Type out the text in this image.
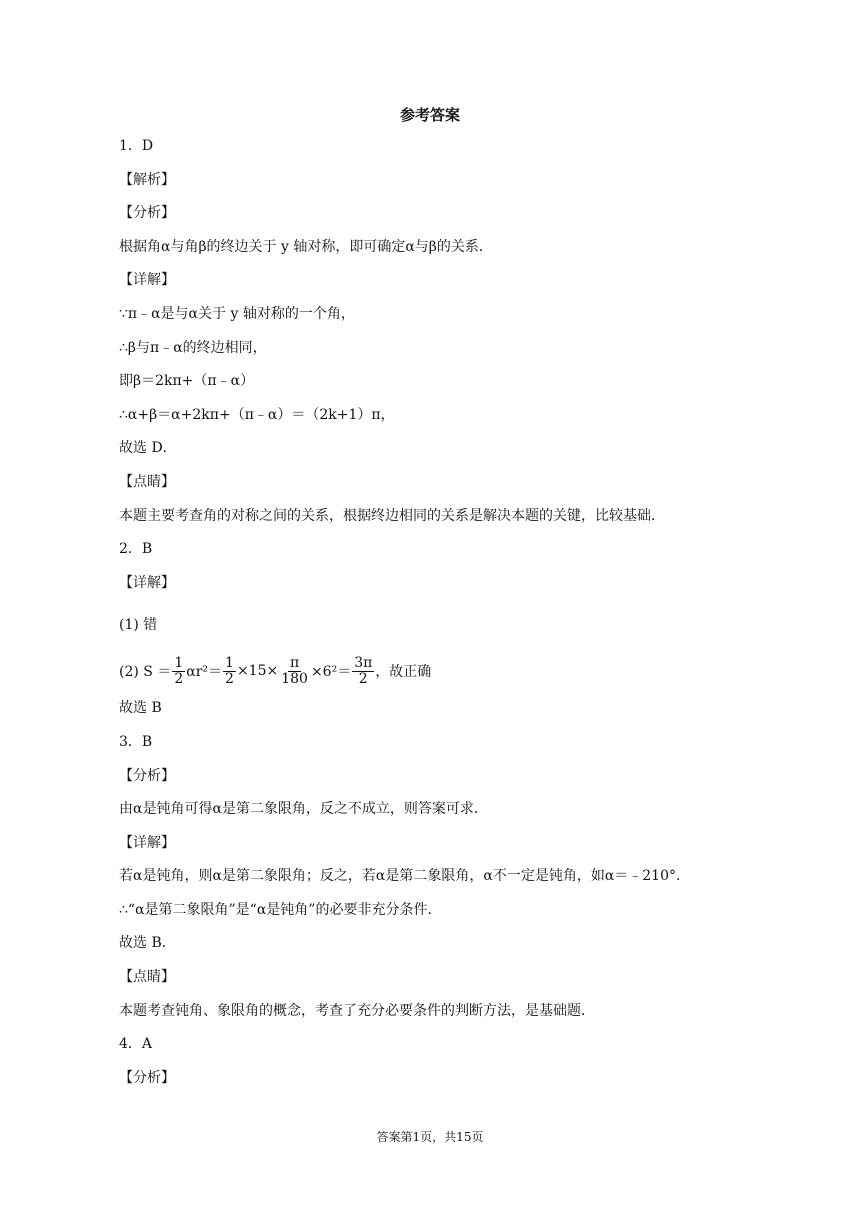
参考答案
1．D
【解析】
【分析】
根据角α与角β的终边关于 y 轴对称，即可确定α与β的关系．
【详解】
∵π﹣α是与α关于 y 轴对称的一个角，
∴β与π﹣α的终边相同，
即β＝2kπ+（π﹣α）
∴α+β＝α+2kπ+（π﹣α）＝（2k+1）π，
故选 D．
【点睛】
本题主要考查角的对称之间的关系，根据终边相同的关系是解决本题的关键，比较基础．
2．B
【详解】
(1) 错
(2) $S = \frac{1}{2} \alpha r^2= \frac{1}{2} \times 15\times \frac{\pi}{180} \times 6^2= \frac{3\pi}{2}$ ，故正确
故选 B
3．B
【分析】
由α是钝角可得α是第二象限角，反之不成立，则答案可求．
【详解】
若α是钝角，则α是第二象限角；反之，若α是第二象限角，α不一定是钝角，如α＝﹣210°．
∴“α是第二象限角”是“α是钝角”的必要非充分条件．
故选 B．
【点睛】
本题考查钝角、象限角的概念，考查了充分必要条件的判断方法，是基础题．
4．A
【分析】
答案第1页，共15页
